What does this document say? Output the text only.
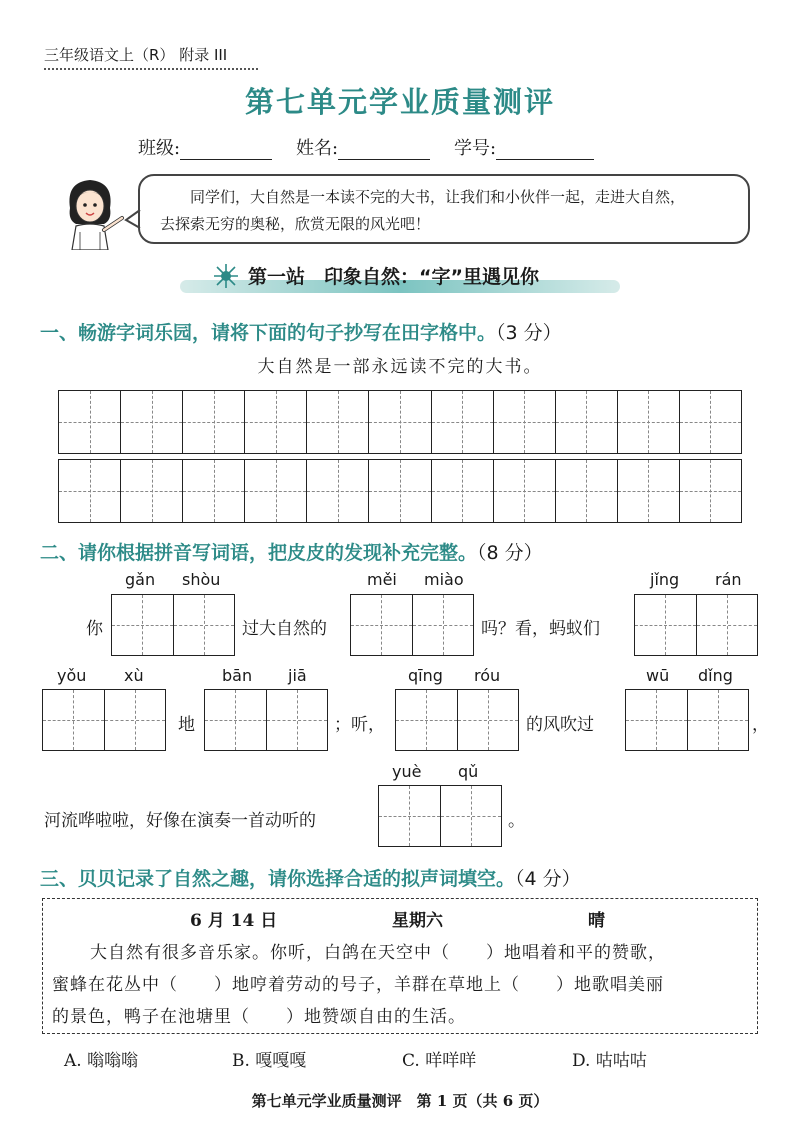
三年级语文上（R） 附录 III
第七单元学业质量测评
班级:	姓名:	学号:
同学们，大自然是一本读不完的大书，让我们和小伙伴一起，走进大自然，
去探索无穷的奥秘，欣赏无限的风光吧！
第一站　印象自然：“字”里遇见你
一、畅游字词乐园，请将下面的句子抄写在田字格中。（3 分）
大自然是一部永远读不完的大书。
二、请你根据拼音写词语，把皮皮的发现补充完整。（8 分）
gǎn shòu	měi miào	jǐng rán
你	过大自然的	吗？看，蚂蚁们
yǒu xù	bān jiā	qīng róu	wū dǐng
地	；听，	的风吹过	，
yuè qǔ
河流哗啦啦，好像在演奏一首动听的	。
三、贝贝记录了自然之趣，请你选择合适的拟声词填空。（4 分）
6 月 14 日	星期六	晴
大自然有很多音乐家。你听，白鸽在天空中（　　）地唱着和平的赞歌，
蜜蜂在花丛中（　　）地哼着劳动的号子，羊群在草地上（　　）地歌唱美丽
的景色，鸭子在池塘里（　　）地赞颂自由的生活。
A. 嗡嗡嗡	B. 嘎嘎嘎	C. 咩咩咩	D. 咕咕咕
第七单元学业质量测评　第 1 页（共 6 页）
